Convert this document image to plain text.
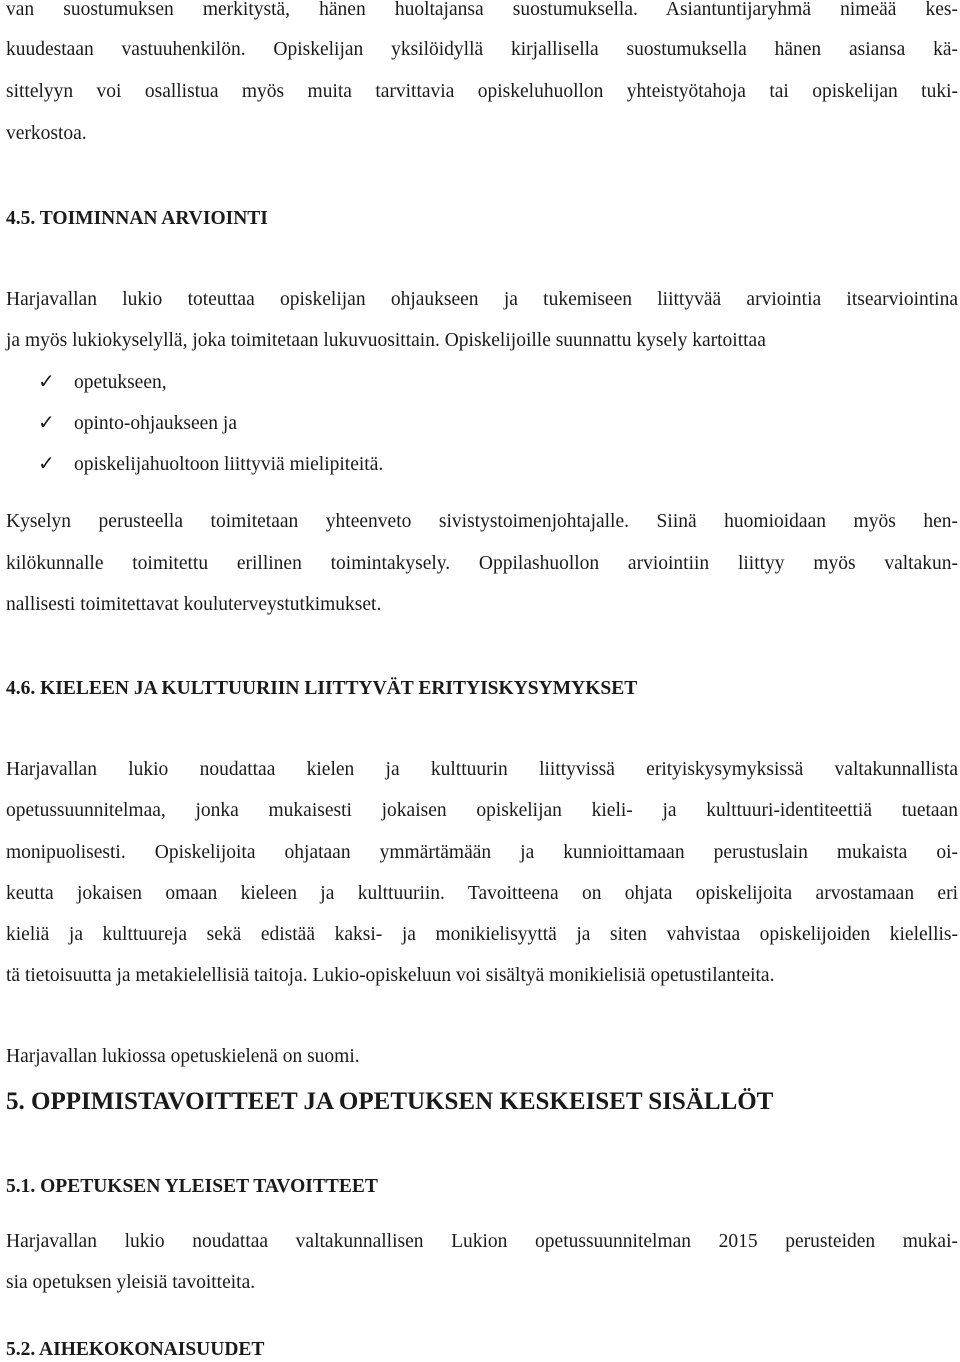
van suostumuksen merkitystä, hänen huoltajansa suostumuksella. Asiantuntijaryhmä nimeää kes-
kuudestaan vastuuhenkilön. Opiskelijan yksilöidyllä kirjallisella suostumuksella hänen asiansa kä-
sittelyyn voi osallistua myös muita tarvittavia opiskeluhuollon yhteistyötahoja tai opiskelijan tuki-
verkostoa.
4.5. TOIMINNAN ARVIOINTI
Harjavallan lukio toteuttaa opiskelijan ohjaukseen ja tukemiseen liittyvää arviointia itsearviointina
ja myös lukiokyselyllä, joka toimitetaan lukuvuosittain. Opiskelijoille suunnattu kysely kartoittaa
✓ opetukseen,
✓ opinto-ohjaukseen ja
✓ opiskelijahuoltoon liittyviä mielipiteitä.
Kyselyn perusteella toimitetaan yhteenveto sivistystoimenjohtajalle. Siinä huomioidaan myös hen-
kilökunnalle toimitettu erillinen toimintakysely. Oppilashuollon arviointiin liittyy myös valtakun-
nallisesti toimitettavat kouluterveystutkimukset.
4.6. KIELEEN JA KULTTUURIIN LIITTYVÄT ERITYISKYSYMYKSET
Harjavallan lukio noudattaa kielen ja kulttuurin liittyvissä erityiskysymyksissä valtakunnallista
opetussuunnitelmaa, jonka mukaisesti jokaisen opiskelijan kieli- ja kulttuuri-identiteettiä tuetaan
monipuolisesti. Opiskelijoita ohjataan ymmärtämään ja kunnioittamaan perustuslain mukaista oi-
keutta jokaisen omaan kieleen ja kulttuuriin. Tavoitteena on ohjata opiskelijoita arvostamaan eri
kieliä ja kulttuureja sekä edistää kaksi- ja monikielisyyttä ja siten vahvistaa opiskelijoiden kielellis-
tä tietoisuutta ja metakielellisiä taitoja. Lukio-opiskeluun voi sisältyä monikielisiä opetustilanteita.
Harjavallan lukiossa opetuskielenä on suomi.
5. OPPIMISTAVOITTEET JA OPETUKSEN KESKEISET SISÄLLÖT
5.1. OPETUKSEN YLEISET TAVOITTEET
Harjavallan lukio noudattaa valtakunnallisen Lukion opetussuunnitelman 2015 perusteiden mukai-
sia opetuksen yleisiä tavoitteita.
5.2. AIHEKOKONAISUUDET
